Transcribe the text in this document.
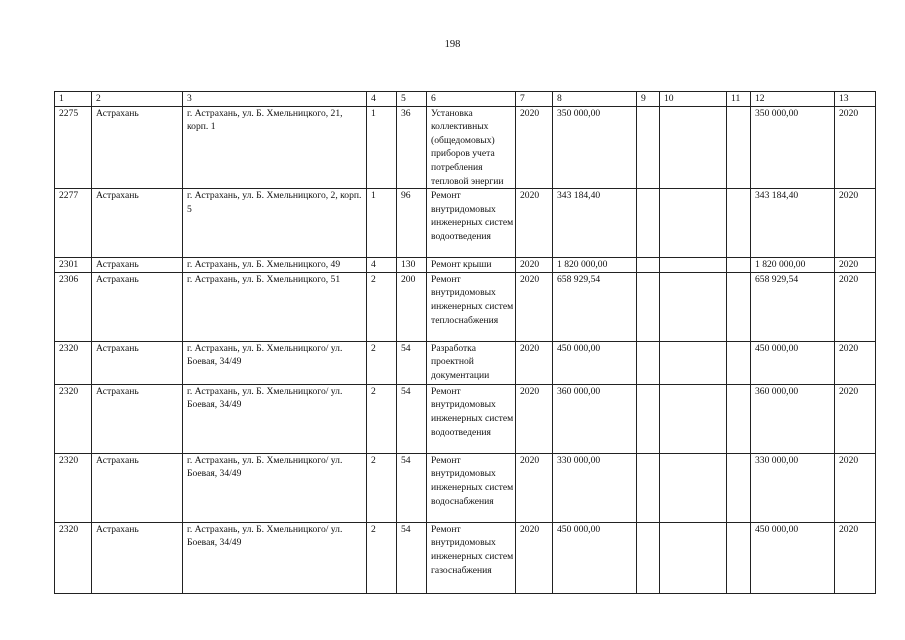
198
1	2	3	4	5	6	7	8	9	10	11	12	13
2275	Астрахань	г. Астрахань, ул. Б. Хмельницкого, 21, корп. 1	1	36	Установка коллективных (общедомовых) приборов учета потребления тепловой энергии	2020	350 000,00				350 000,00	2020
2277	Астрахань	г. Астрахань, ул. Б. Хмельницкого, 2, корп. 5	1	96	Ремонт внутридомовых инженерных систем водоотведения	2020	343 184,40				343 184,40	2020
2301	Астрахань	г. Астрахань, ул. Б. Хмельницкого, 49	4	130	Ремонт крыши	2020	1 820 000,00				1 820 000,00	2020
2306	Астрахань	г. Астрахань, ул. Б. Хмельницкого, 51	2	200	Ремонт внутридомовых инженерных систем теплоснабжения	2020	658 929,54				658 929,54	2020
2320	Астрахань	г. Астрахань, ул. Б. Хмельницкого/ ул. Боевая, 34/49	2	54	Разработка проектной документации	2020	450 000,00				450 000,00	2020
2320	Астрахань	г. Астрахань, ул. Б. Хмельницкого/ ул. Боевая, 34/49	2	54	Ремонт внутридомовых инженерных систем водоотведения	2020	360 000,00				360 000,00	2020
2320	Астрахань	г. Астрахань, ул. Б. Хмельницкого/ ул. Боевая, 34/49	2	54	Ремонт внутридомовых инженерных систем водоснабжения	2020	330 000,00				330 000,00	2020
2320	Астрахань	г. Астрахань, ул. Б. Хмельницкого/ ул. Боевая, 34/49	2	54	Ремонт внутридомовых инженерных систем газоснабжения	2020	450 000,00				450 000,00	2020
